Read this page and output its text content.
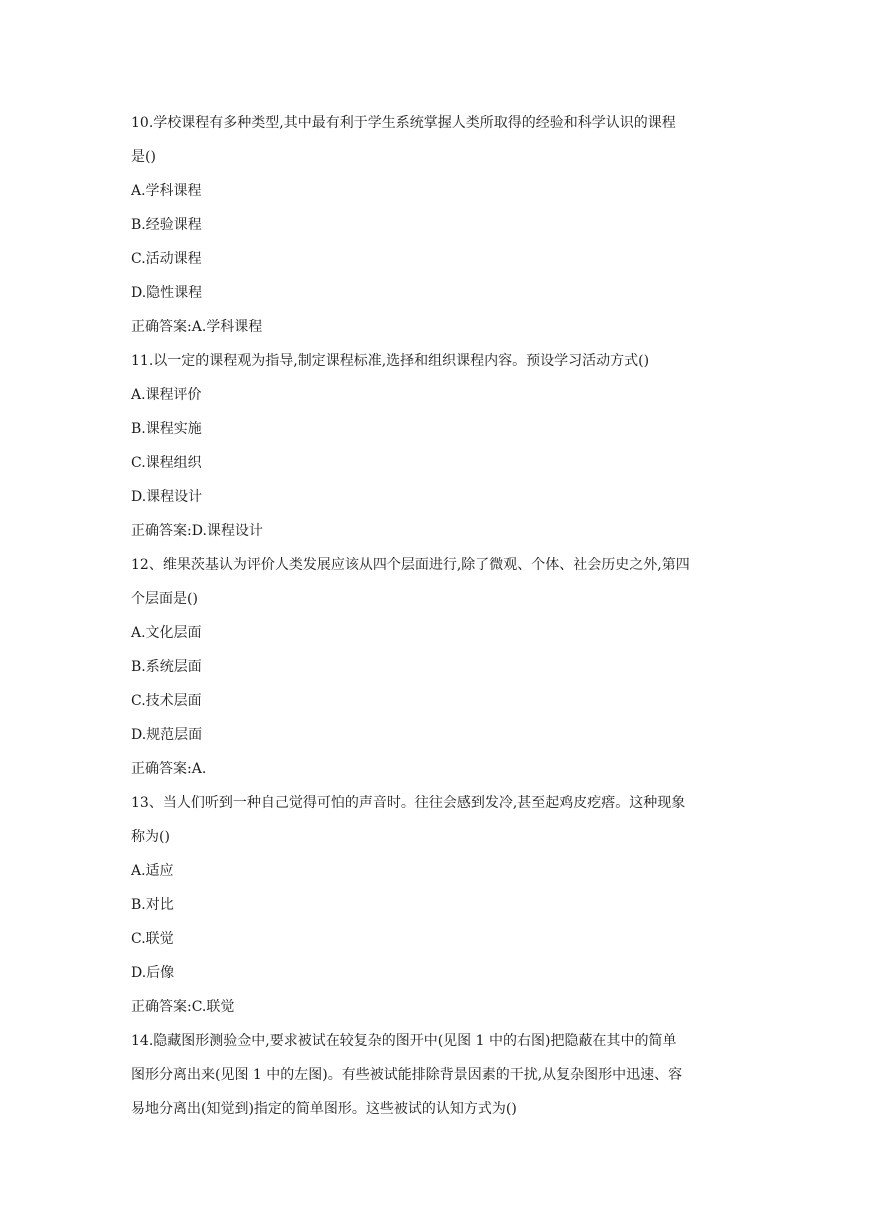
10.学校课程有多种类型,其中最有利于学生系统掌握人类所取得的经验和科学认识的课程
是()
A.学科课程
B.经验课程
C.活动课程
D.隐性课程
正确答案:A.学科课程
11.以一定的课程观为指导,制定课程标准,选择和组织课程内容。预设学习活动方式()
A.课程评价
B.课程实施
C.课程组织
D.课程设计
正确答案:D.课程设计
12、维果茨基认为评价人类发展应该从四个层面进行,除了微观、个体、社会历史之外,第四
个层面是()
A.文化层面
B.系统层面
C.技术层面
D.规范层面
正确答案:A.
13、当人们听到一种自己觉得可怕的声音时。往往会感到发冷,甚至起鸡皮疙瘩。这种现象
称为()
A.适应
B.对比
C.联觉
D.后像
正确答案:C.联觉
14.隐藏图形测验佥中,要求被试在较复杂的图开中(见图 1 中的右图)把隐蔽在其中的简单
图形分离出来(见图 1 中的左图)。有些被试能排除背景因素的干扰,从复杂图形中迅速、容
易地分离出(知觉到)指定的简单图形。这些被试的认知方式为()
